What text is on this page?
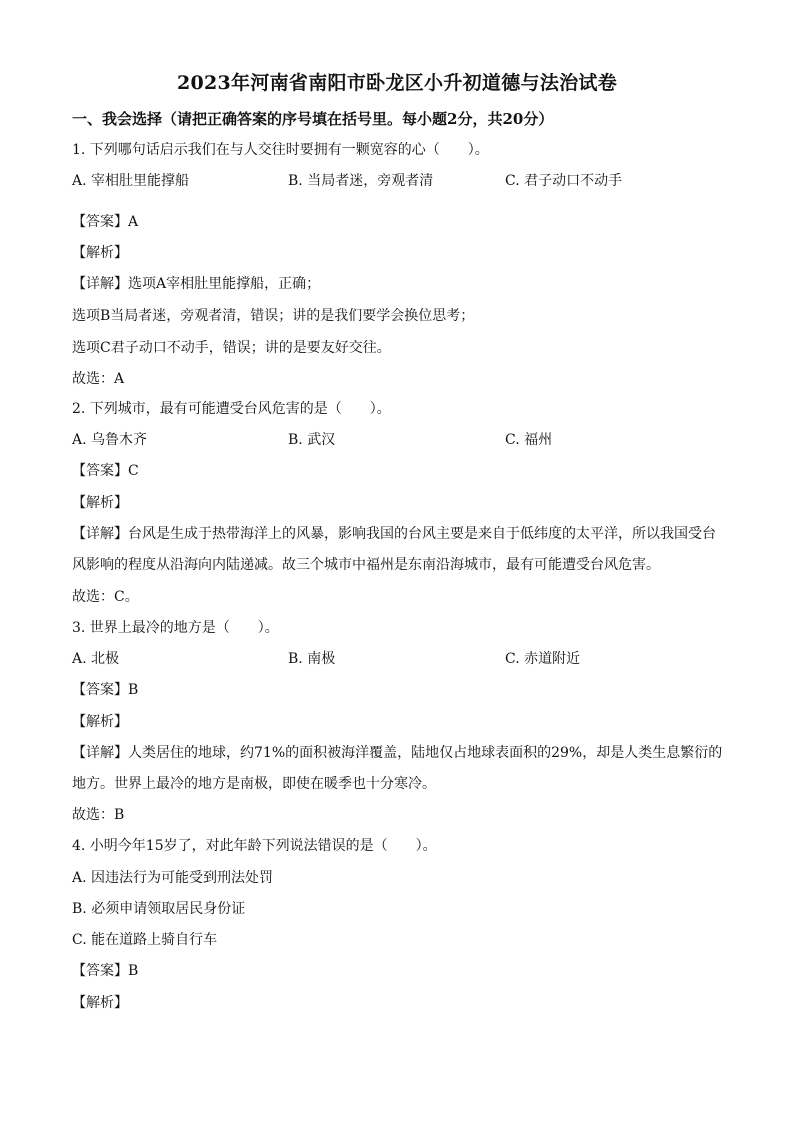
2023年河南省南阳市卧龙区小升初道德与法治试卷
一、我会选择（请把正确答案的序号填在括号里。每小题2分，共20分）
1. 下列哪句话启示我们在与人交往时要拥有一颗宽容的心（　　）。
A. 宰相肚里能撑船	B. 当局者迷，旁观者清	C. 君子动口不动手
【答案】A
【解析】
【详解】选项A宰相肚里能撑船，正确；
选项B当局者迷，旁观者清，错误；讲的是我们要学会换位思考；
选项C君子动口不动手，错误；讲的是要友好交往。
故选：A
2. 下列城市，最有可能遭受台风危害的是（　　）。
A. 乌鲁木齐	B. 武汉	C. 福州
【答案】C
【解析】
【详解】台风是生成于热带海洋上的风暴，影响我国的台风主要是来自于低纬度的太平洋，所以我国受台
风影响的程度从沿海向内陆递减。故三个城市中福州是东南沿海城市，最有可能遭受台风危害。
故选：C。
3. 世界上最冷的地方是（　　）。
A. 北极	B. 南极	C. 赤道附近
【答案】B
【解析】
【详解】人类居住的地球，约71%的面积被海洋覆盖，陆地仅占地球表面积的29%，却是人类生息繁衍的
地方。世界上最冷的地方是南极，即使在暖季也十分寒冷。
故选：B
4. 小明今年15岁了，对此年龄下列说法错误的是（　　）。
A. 因违法行为可能受到刑法处罚
B. 必须申请领取居民身份证
C. 能在道路上骑自行车
【答案】B
【解析】
